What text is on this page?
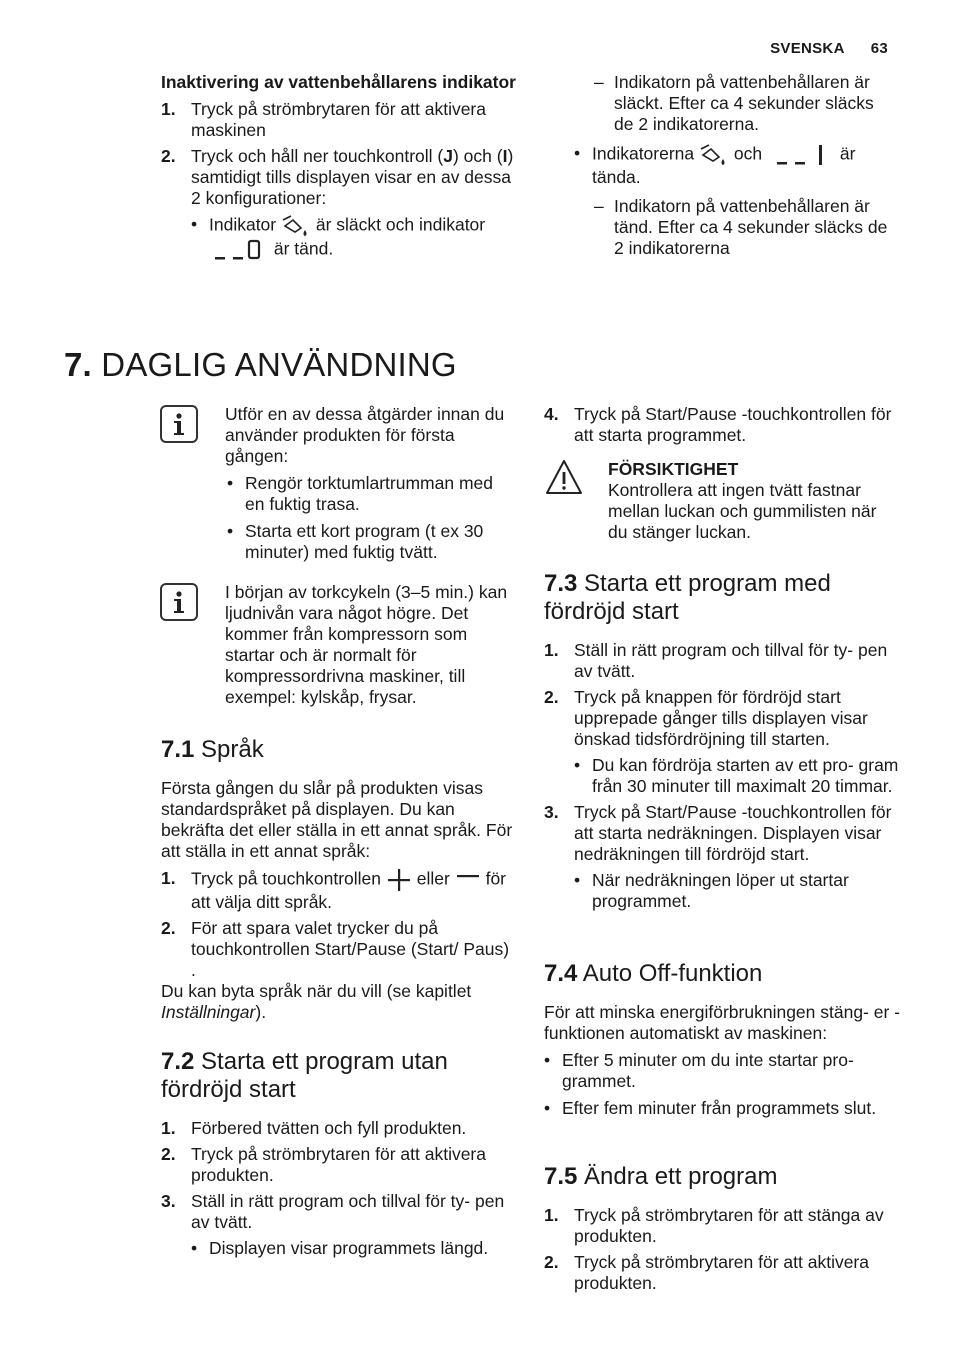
SVENSKA 63
Inaktivering av vattenbehållarens indikator
1. Tryck på strömbrytaren för att aktivera maskinen
2. Tryck och håll ner touchkontroll (J) och (I) samtidigt tills displayen visar en av dessa 2 konfigurationer:
• Indikator är släckt och indikator
är tänd.
– Indikatorn på vattenbehållaren är släckt. Efter ca 4 sekunder släcks de 2 indikatorerna.
• Indikatorerna och	är tända.
– Indikatorn på vattenbehållaren är tänd. Efter ca 4 sekunder släcks de 2 indikatorerna
7. DAGLIG ANVÄNDNING
Utför en av dessa åtgärder innan du använder produkten för första gången:
• Rengör torktumlartrumman med en fuktig trasa.
• Starta ett kort program (t ex 30 minuter) med fuktig tvätt.
I början av torkcykeln (3–5 min.) kan ljudnivån vara något högre. Det kommer från kompressorn som startar och är normalt för kompressordrivna maskiner, till exempel: kylskåp, frysar.
7.1 Språk
Första gången du slår på produkten visas standardspråket på displayen. Du kan bekräfta det eller ställa in ett annat språk. För att ställa in ett annat språk:
1. Tryck på touchkontrollen eller för att välja ditt språk.
2. För att spara valet trycker du på touchkontrollen Start/Pause (Start/ Paus) .
Du kan byta språk när du vill (se kapitlet Inställningar).
7.2 Starta ett program utan fördröjd start
1. Förbered tvätten och fyll produkten.
2. Tryck på strömbrytaren för att aktivera produkten.
3. Ställ in rätt program och tillval för ty- pen av tvätt.
• Displayen visar programmets längd.
4. Tryck på Start/Pause -touchkontrollen för att starta programmet.
FÖRSIKTIGHET
Kontrollera att ingen tvätt fastnar mellan luckan och gummilisten när du stänger luckan.
7.3 Starta ett program med fördröjd start
1. Ställ in rätt program och tillval för ty- pen av tvätt.
2. Tryck på knappen för fördröjd start upprepade gånger tills displayen visar önskad tidsfördröjning till starten.
• Du kan fördröja starten av ett pro- gram från 30 minuter till maximalt 20 timmar.
3. Tryck på Start/Pause -touchkontrollen för att starta nedräkningen. Displayen visar nedräkningen till fördröjd start.
• När nedräkningen löper ut startar programmet.
7.4 Auto Off-funktion
För att minska energiförbrukningen stäng- er -funktionen automatiskt av maskinen:
• Efter 5 minuter om du inte startar pro- grammet.
• Efter fem minuter från programmets slut.
7.5 Ändra ett program
1. Tryck på strömbrytaren för att stänga av produkten.
2. Tryck på strömbrytaren för att aktivera produkten.
